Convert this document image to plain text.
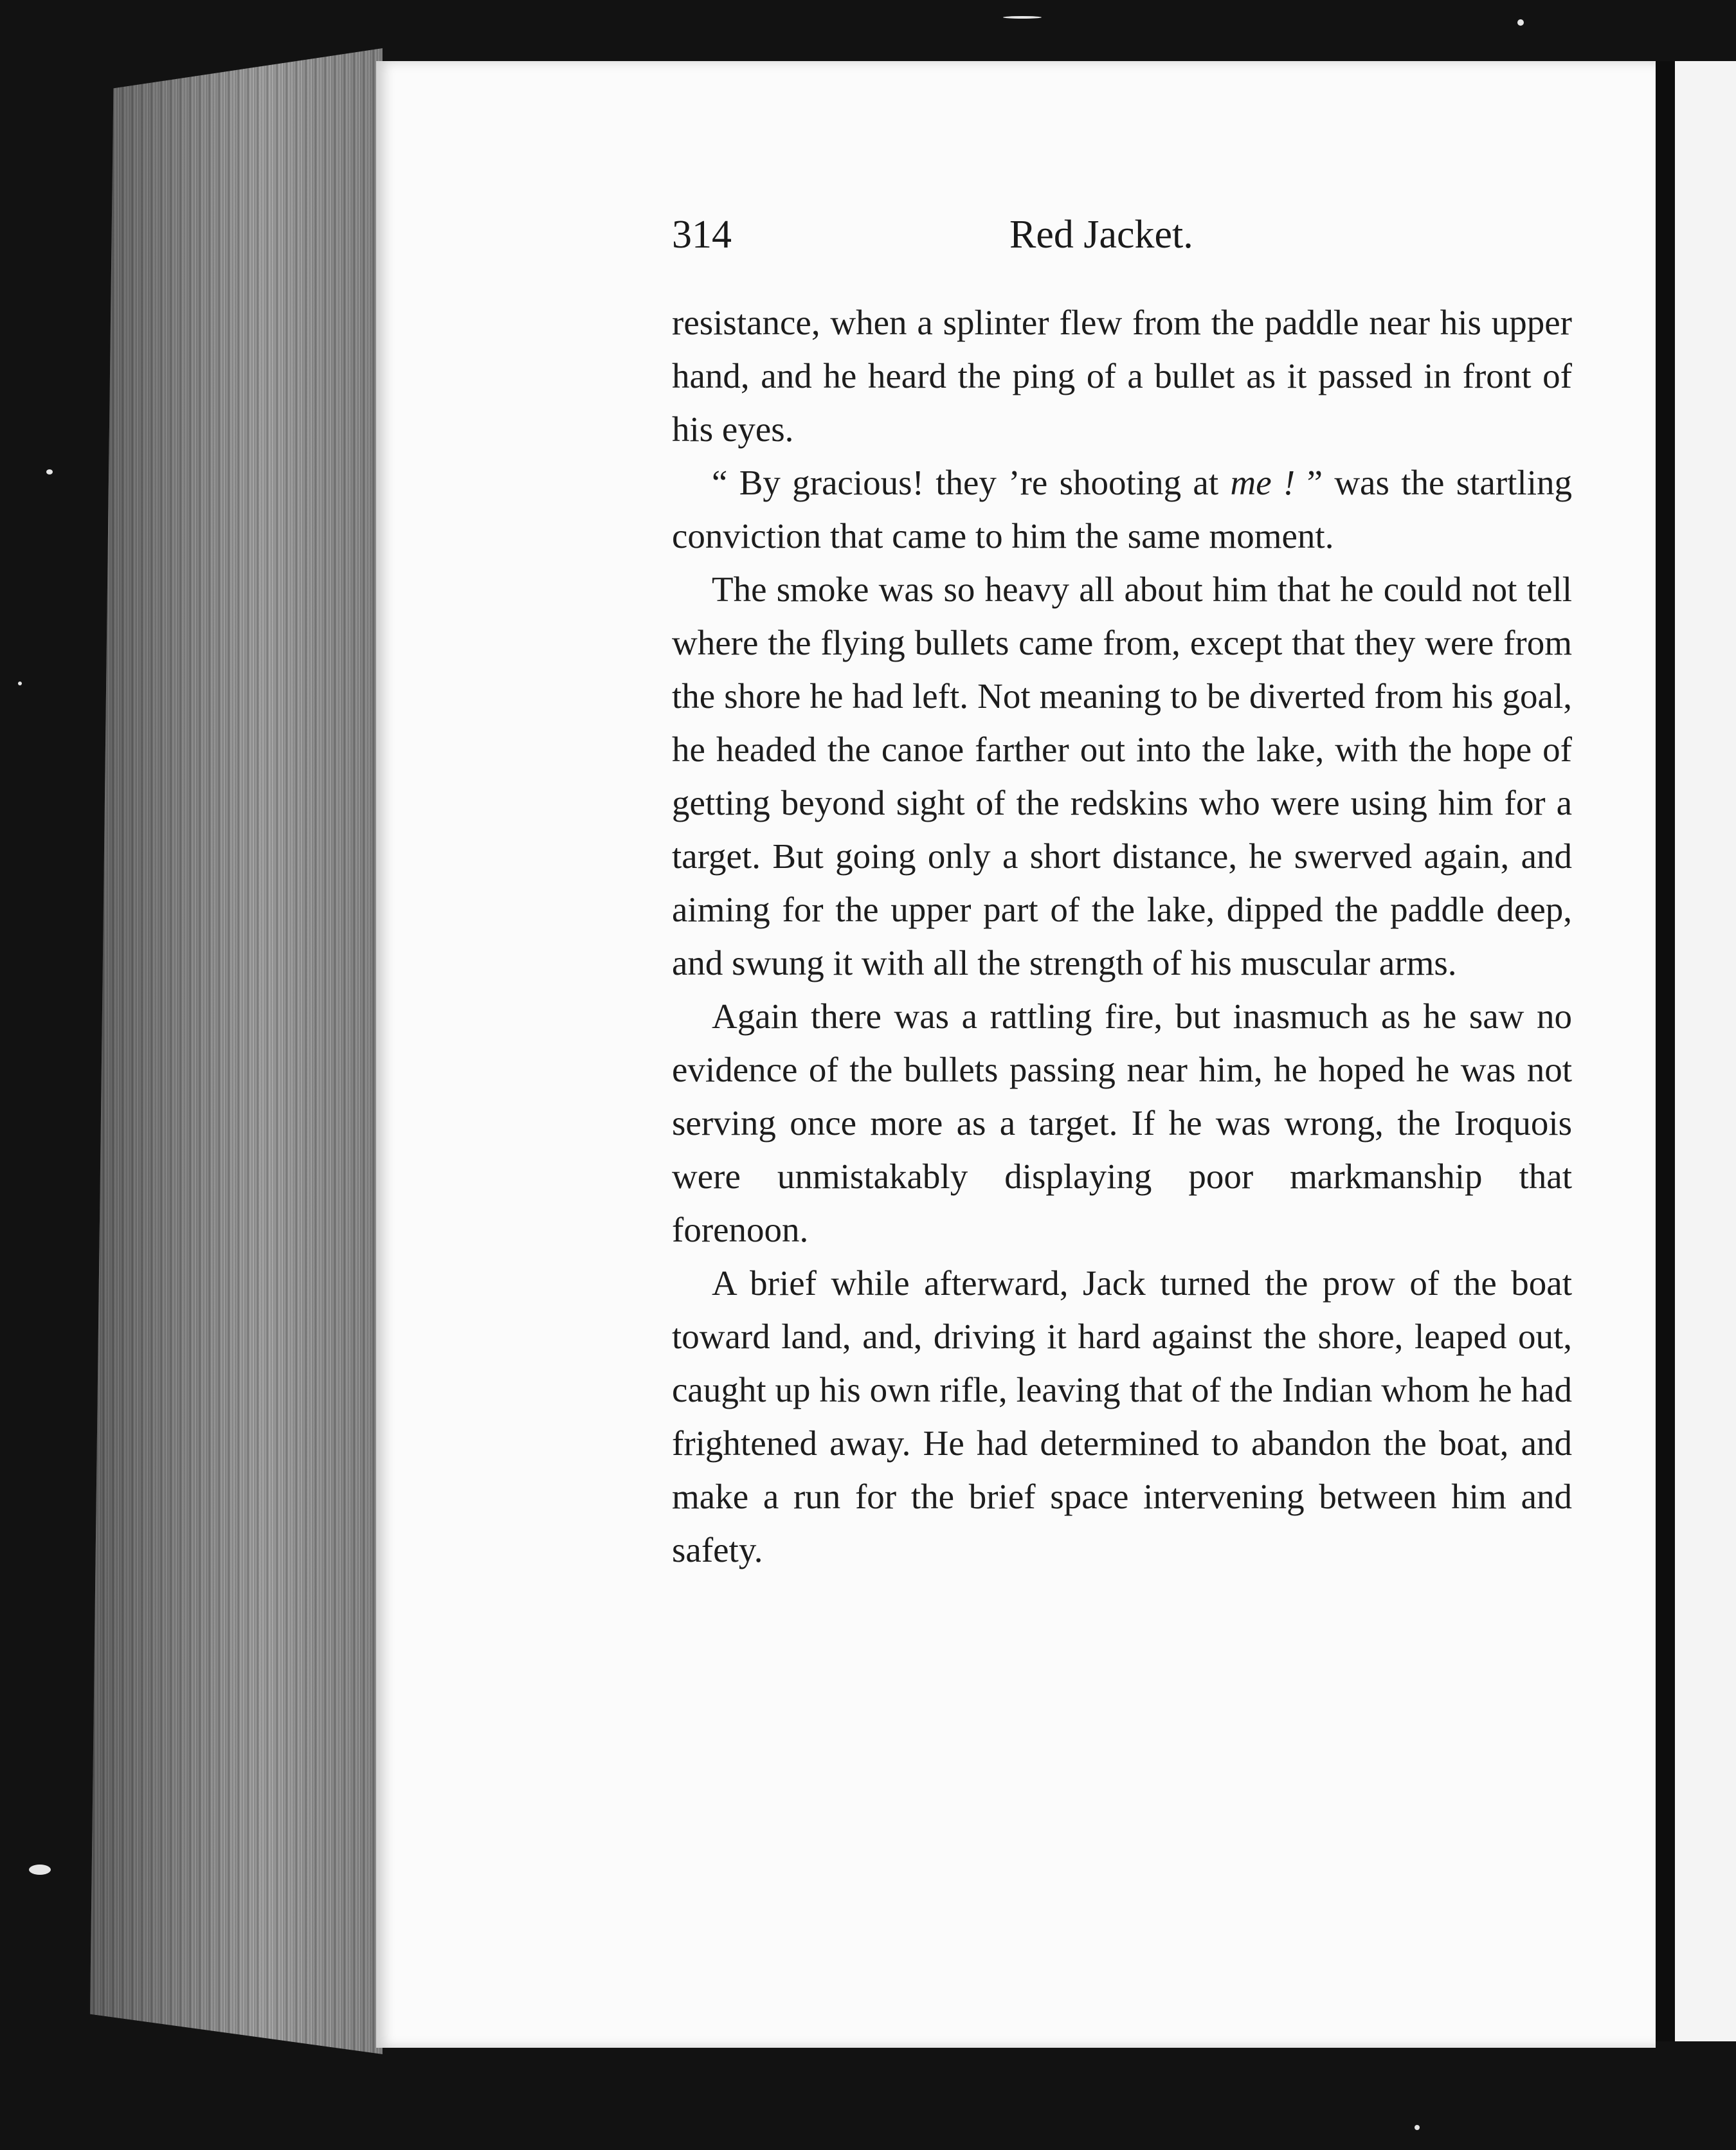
314	Red Jacket.

resistance, when a splinter flew from the paddle near his upper hand, and he heard the ping of a bullet as it passed in front of his eyes.

“ By gracious! they ’re shooting at me ! ” was the startling conviction that came to him the same moment.

The smoke was so heavy all about him that he could not tell where the flying bullets came from, except that they were from the shore he had left. Not meaning to be diverted from his goal, he headed the canoe farther out into the lake, with the hope of getting beyond sight of the redskins who were using him for a target. But going only a short distance, he swerved again, and aiming for the upper part of the lake, dipped the paddle deep, and swung it with all the strength of his muscular arms.

Again there was a rattling fire, but inasmuch as he saw no evidence of the bullets passing near him, he hoped he was not serving once more as a target. If he was wrong, the Iroquois were unmistakably displaying poor markmanship that forenoon.

A brief while afterward, Jack turned the prow of the boat toward land, and, driving it hard against the shore, leaped out, caught up his own rifle, leaving that of the Indian whom he had frightened away. He had determined to abandon the boat, and make a run for the brief space intervening between him and safety.
